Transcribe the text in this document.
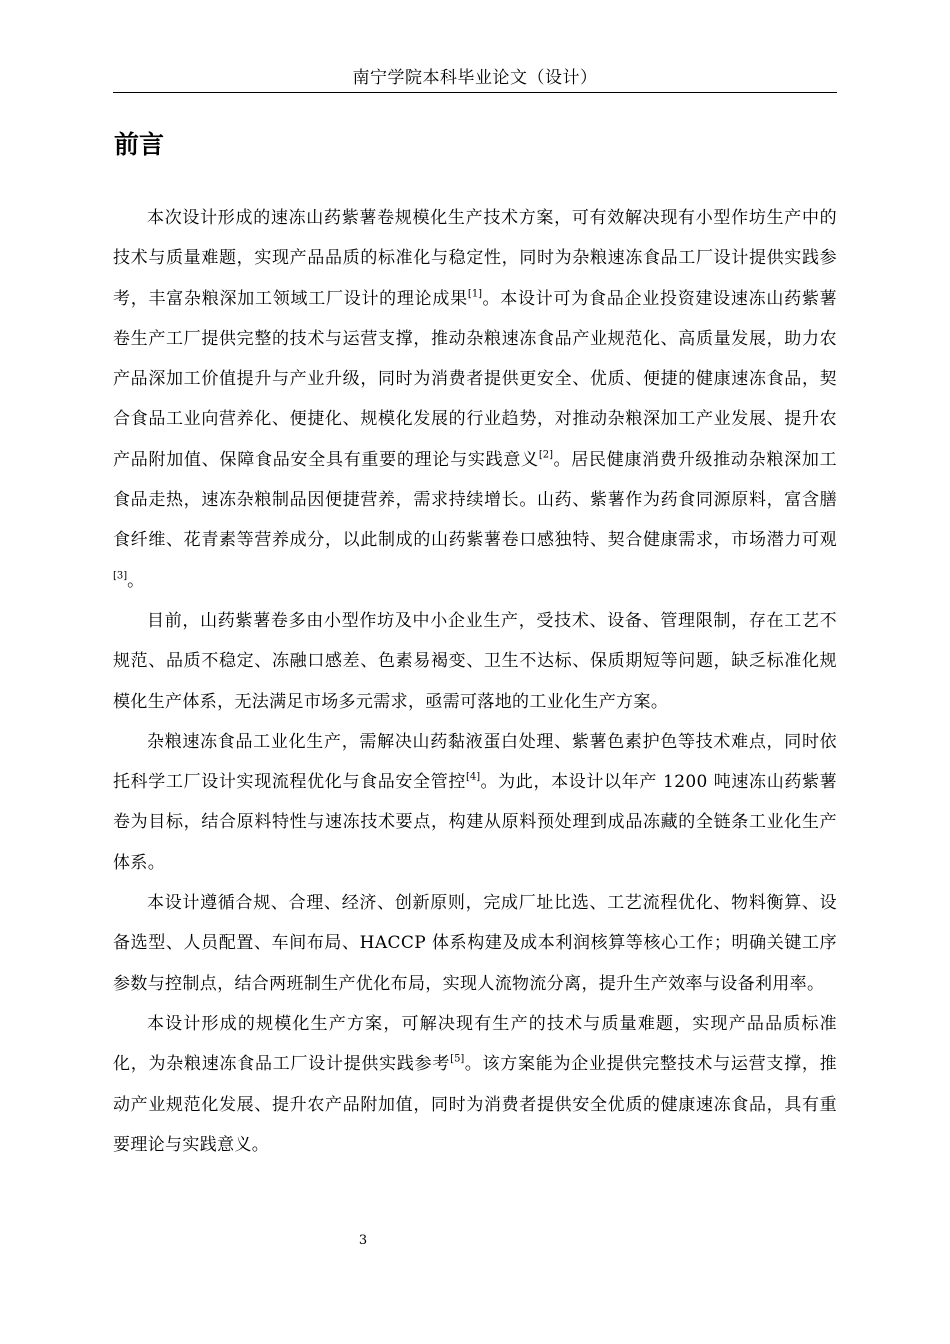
南宁学院本科毕业论文（设计）
前言

本次设计形成的速冻山药紫薯卷规模化生产技术方案，可有效解决现有小型作坊生产中的技术与质量难题，实现产品品质的标准化与稳定性，同时为杂粮速冻食品工厂设计提供实践参考，丰富杂粮深加工领域工厂设计的理论成果[1]。本设计可为食品企业投资建设速冻山药紫薯卷生产工厂提供完整的技术与运营支撑，推动杂粮速冻食品产业规范化、高质量发展，助力农产品深加工价值提升与产业升级，同时为消费者提供更安全、优质、便捷的健康速冻食品，契合食品工业向营养化、便捷化、规模化发展的行业趋势，对推动杂粮深加工产业发展、提升农产品附加值、保障食品安全具有重要的理论与实践意义[2]。居民健康消费升级推动杂粮深加工食品走热，速冻杂粮制品因便捷营养，需求持续增长。山药、紫薯作为药食同源原料，富含膳食纤维、花青素等营养成分，以此制成的山药紫薯卷口感独特、契合健康需求，市场潜力可观[3]。

目前，山药紫薯卷多由小型作坊及中小企业生产，受技术、设备、管理限制，存在工艺不规范、品质不稳定、冻融口感差、色素易褐变、卫生不达标、保质期短等问题，缺乏标准化规模化生产体系，无法满足市场多元需求，亟需可落地的工业化生产方案。

杂粮速冻食品工业化生产，需解决山药黏液蛋白处理、紫薯色素护色等技术难点，同时依托科学工厂设计实现流程优化与食品安全管控[4]。为此，本设计以年产 1200 吨速冻山药紫薯卷为目标，结合原料特性与速冻技术要点，构建从原料预处理到成品冻藏的全链条工业化生产体系。

本设计遵循合规、合理、经济、创新原则，完成厂址比选、工艺流程优化、物料衡算、设备选型、人员配置、车间布局、HACCP 体系构建及成本利润核算等核心工作；明确关键工序参数与控制点，结合两班制生产优化布局，实现人流物流分离，提升生产效率与设备利用率。

本设计形成的规模化生产方案，可解决现有生产的技术与质量难题，实现产品品质标准化，为杂粮速冻食品工厂设计提供实践参考[5]。该方案能为企业提供完整技术与运营支撑，推动产业规范化发展、提升农产品附加值，同时为消费者提供安全优质的健康速冻食品，具有重要理论与实践意义。

3
